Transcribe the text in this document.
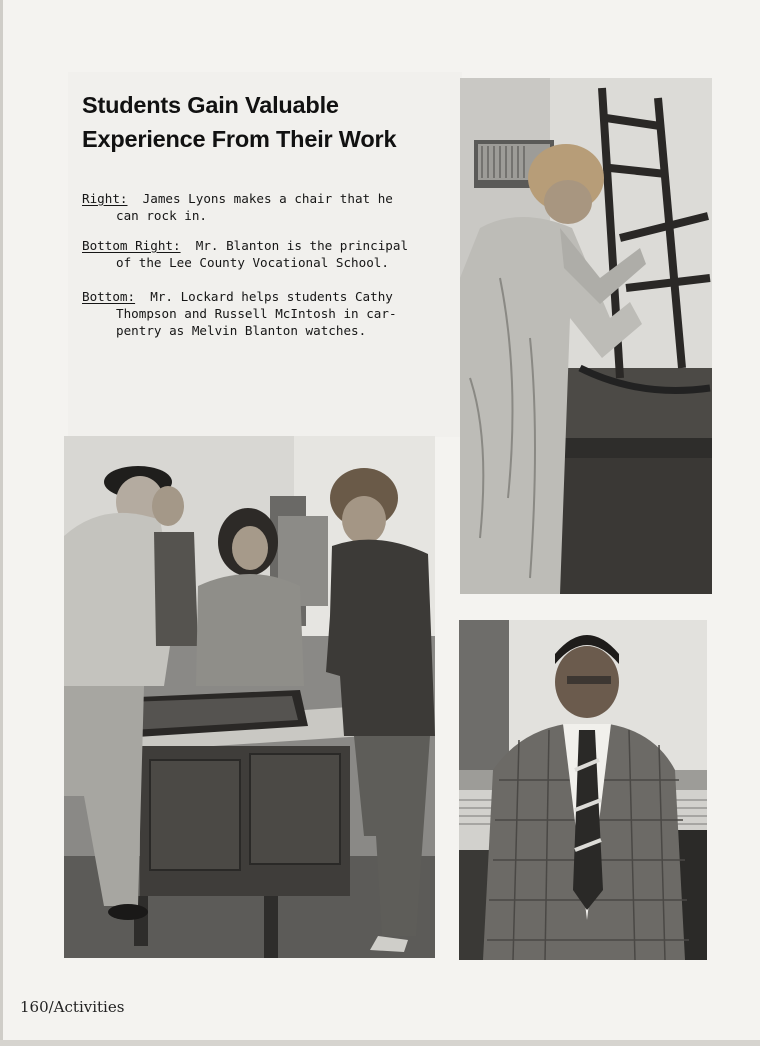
Students Gain Valuable
Experience From Their Work
Right: James Lyons makes a chair that he
can rock in.
Bottom Right: Mr. Blanton is the principal
of the Lee County Vocational School.
Bottom: Mr. Lockard helps students Cathy
Thompson and Russell McIntosh in car-
pentry as Melvin Blanton watches.
160/Activities
